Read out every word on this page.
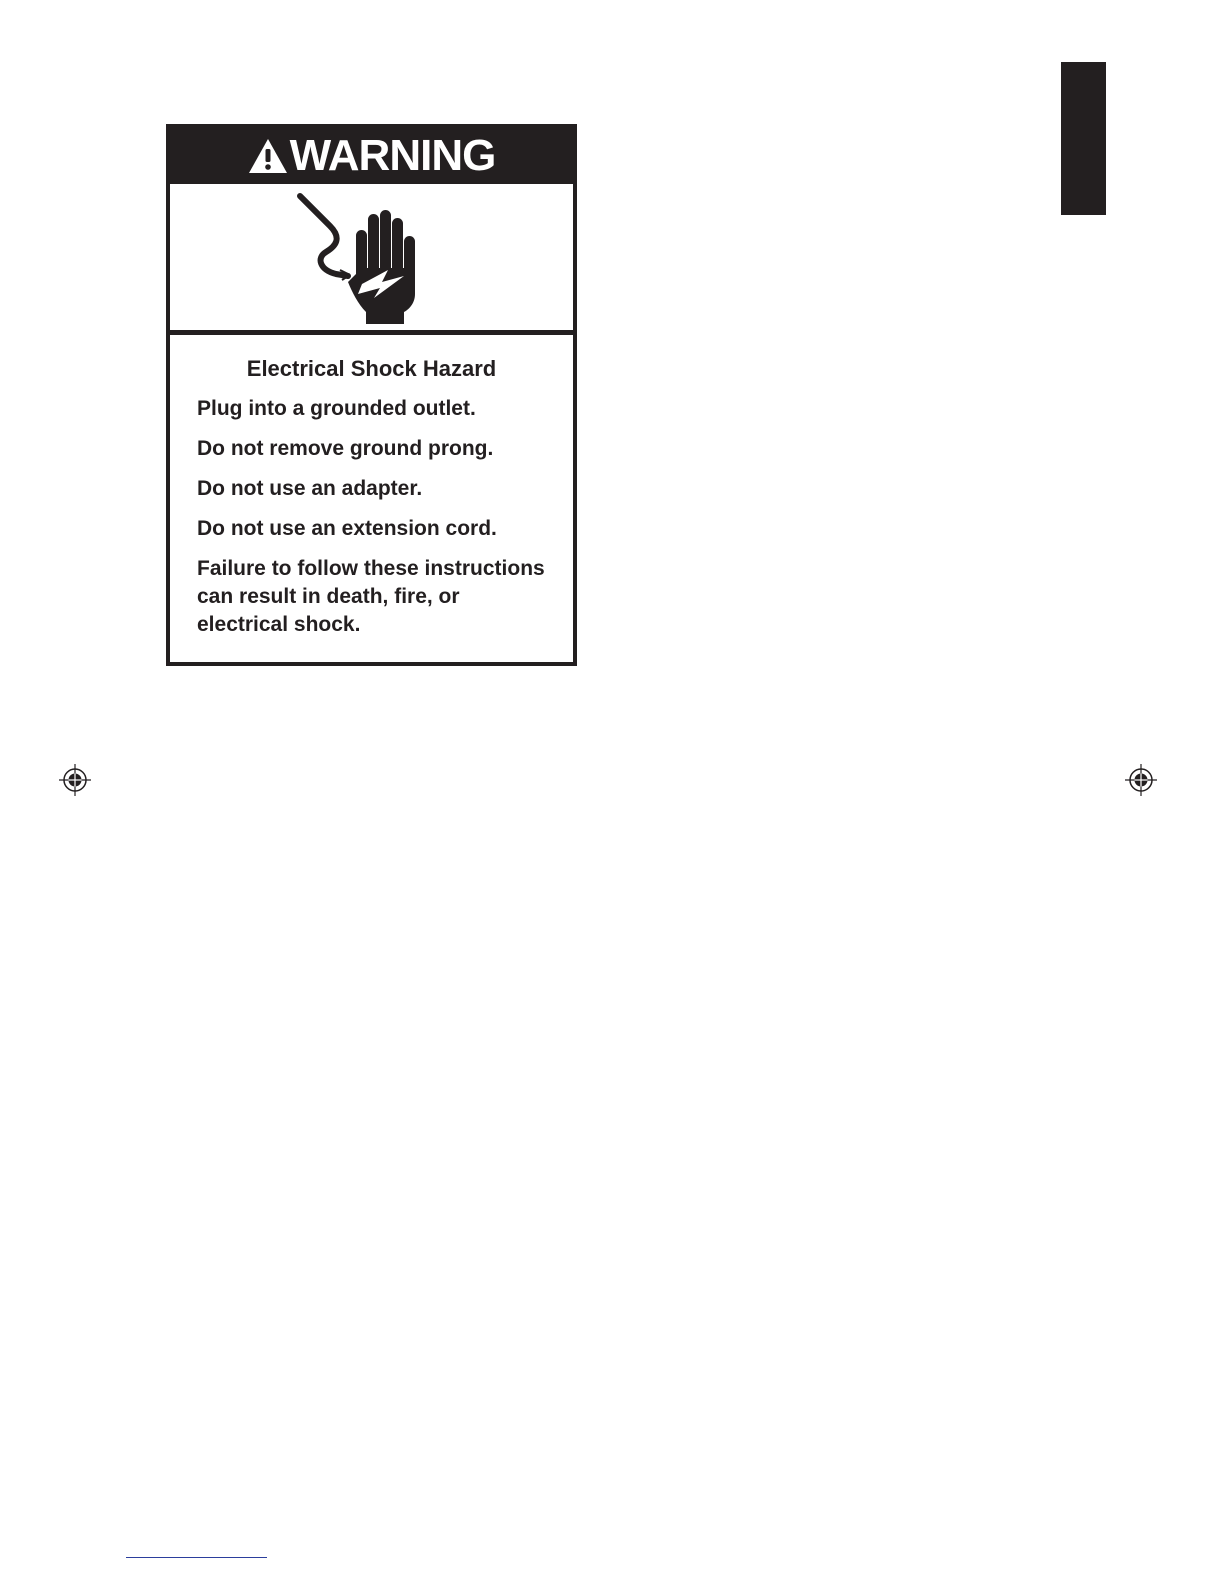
WARNING

Electrical Shock Hazard

Plug into a grounded outlet.

Do not remove ground prong.

Do not use an adapter.

Do not use an extension cord.

Failure to follow these instructions can result in death, fire, or electrical shock.
